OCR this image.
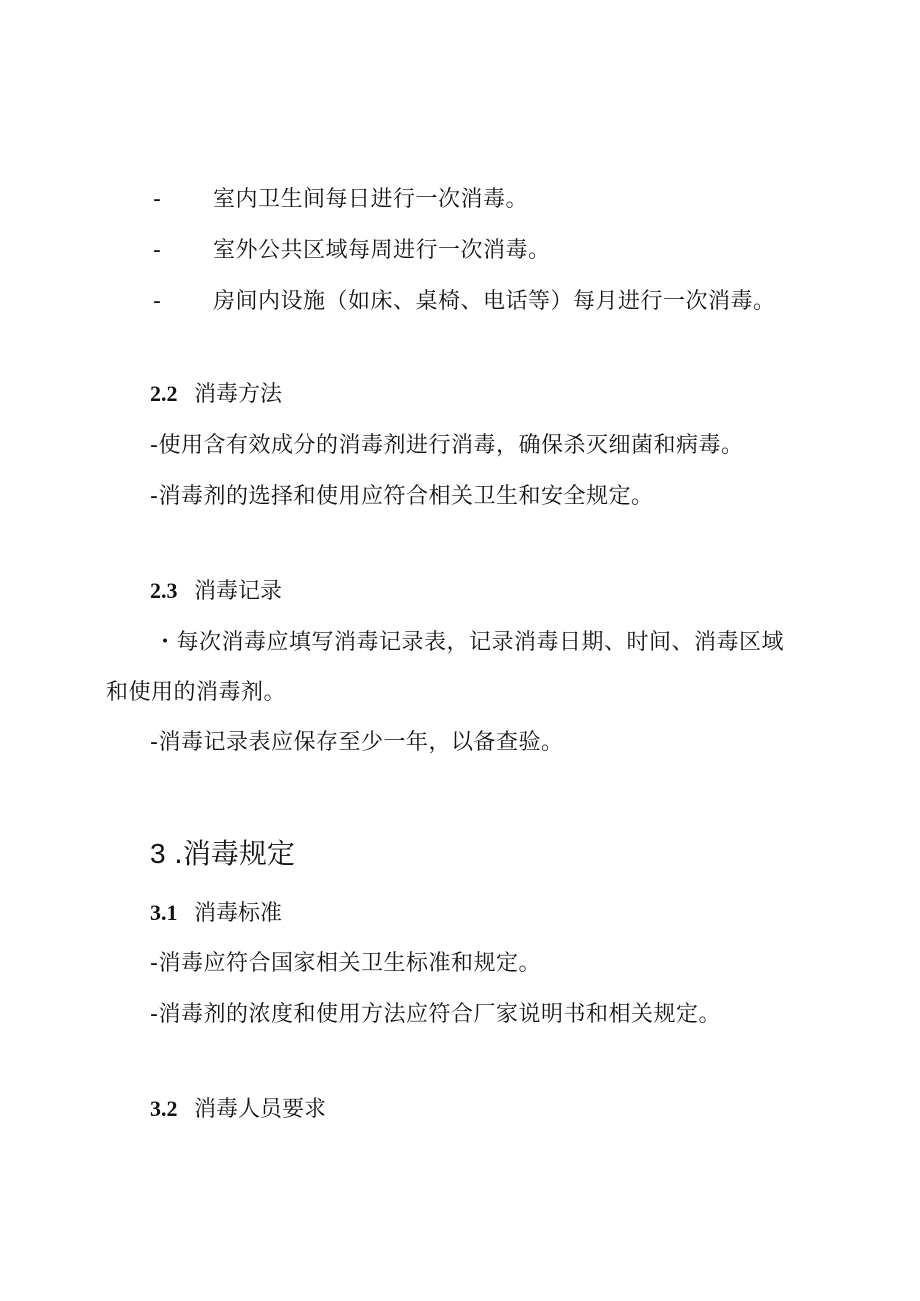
- 室内卫生间每日进行一次消毒。
- 室外公共区域每周进行一次消毒。
- 房间内设施（如床、桌椅、电话等）每月进行一次消毒。
2.2 消毒方法
-使用含有效成分的消毒剂进行消毒，确保杀灭细菌和病毒。
-消毒剂的选择和使用应符合相关卫生和安全规定。
2.3 消毒记录
・每次消毒应填写消毒记录表，记录消毒日期、时间、消毒区域
和使用的消毒剂。
-消毒记录表应保存至少一年，以备查验。
3 .消毒规定
3.1 消毒标准
-消毒应符合国家相关卫生标准和规定。
-消毒剂的浓度和使用方法应符合厂家说明书和相关规定。
3.2 消毒人员要求
